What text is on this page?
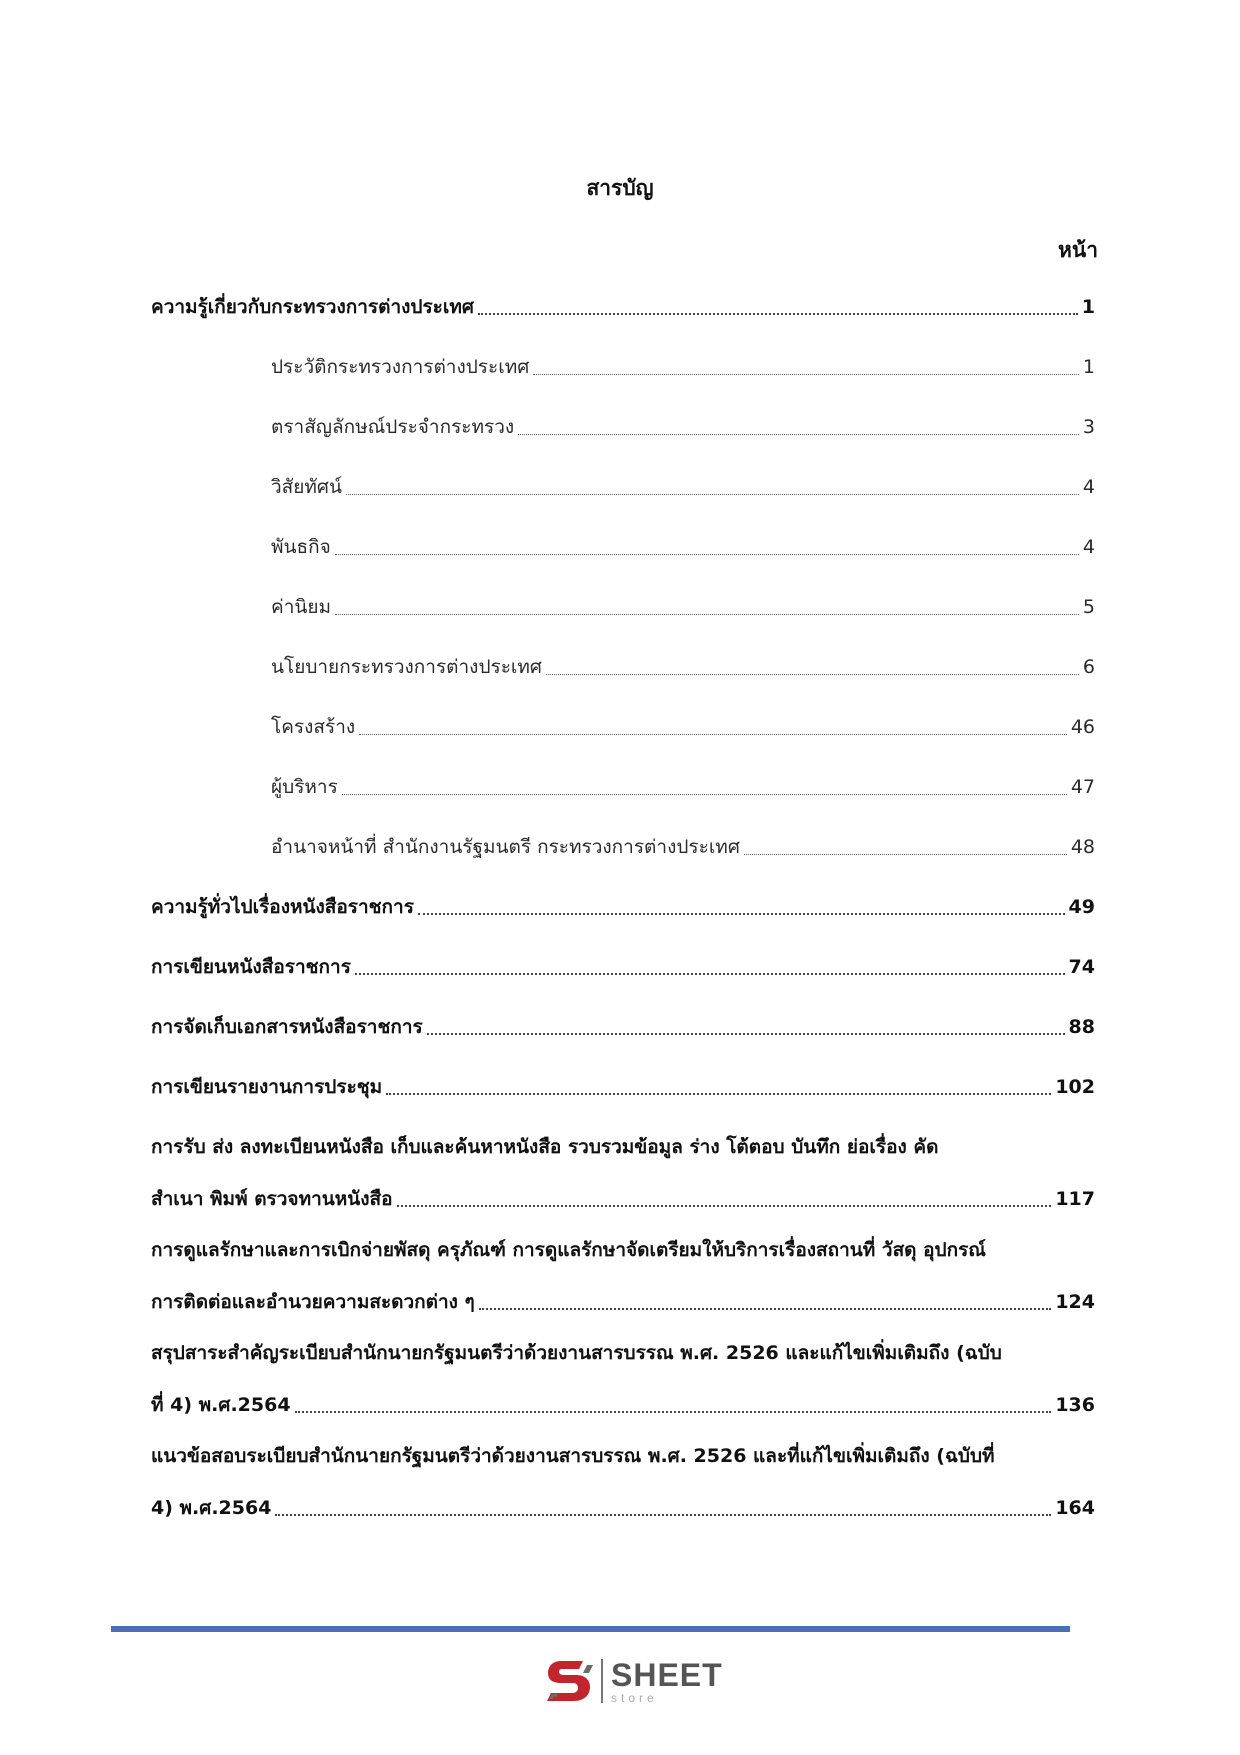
สารบัญ
หน้า
ความรู้เกี่ยวกับกระทรวงการต่างประเทศ	1
ประวัติกระทรวงการต่างประเทศ	1
ตราสัญลักษณ์ประจำกระทรวง	3
วิสัยทัศน์	4
พันธกิจ	4
ค่านิยม	5
นโยบายกระทรวงการต่างประเทศ	6
โครงสร้าง	46
ผู้บริหาร	47
อำนาจหน้าที่ สำนักงานรัฐมนตรี กระทรวงการต่างประเทศ	48
ความรู้ทั่วไปเรื่องหนังสือราชการ	49
การเขียนหนังสือราชการ	74
การจัดเก็บเอกสารหนังสือราชการ	88
การเขียนรายงานการประชุม	102
การรับ ส่ง ลงทะเบียนหนังสือ เก็บและค้นหาหนังสือ รวบรวมข้อมูล ร่าง โต้ตอบ บันทึก ย่อเรื่อง คัด
สำเนา พิมพ์ ตรวจทานหนังสือ	117
การดูแลรักษาและการเบิกจ่ายพัสดุ ครุภัณฑ์ การดูแลรักษาจัดเตรียมให้บริการเรื่องสถานที่ วัสดุ อุปกรณ์
การติดต่อและอำนวยความสะดวกต่าง ๆ	124
สรุปสาระสำคัญระเบียบสำนักนายกรัฐมนตรีว่าด้วยงานสารบรรณ พ.ศ. 2526 และแก้ไขเพิ่มเติมถึง (ฉบับ
ที่ 4) พ.ศ.2564	136
แนวข้อสอบระเบียบสำนักนายกรัฐมนตรีว่าด้วยงานสารบรรณ พ.ศ. 2526 และที่แก้ไขเพิ่มเติมถึง (ฉบับที่
4) พ.ศ.2564	164
SHEET
store
